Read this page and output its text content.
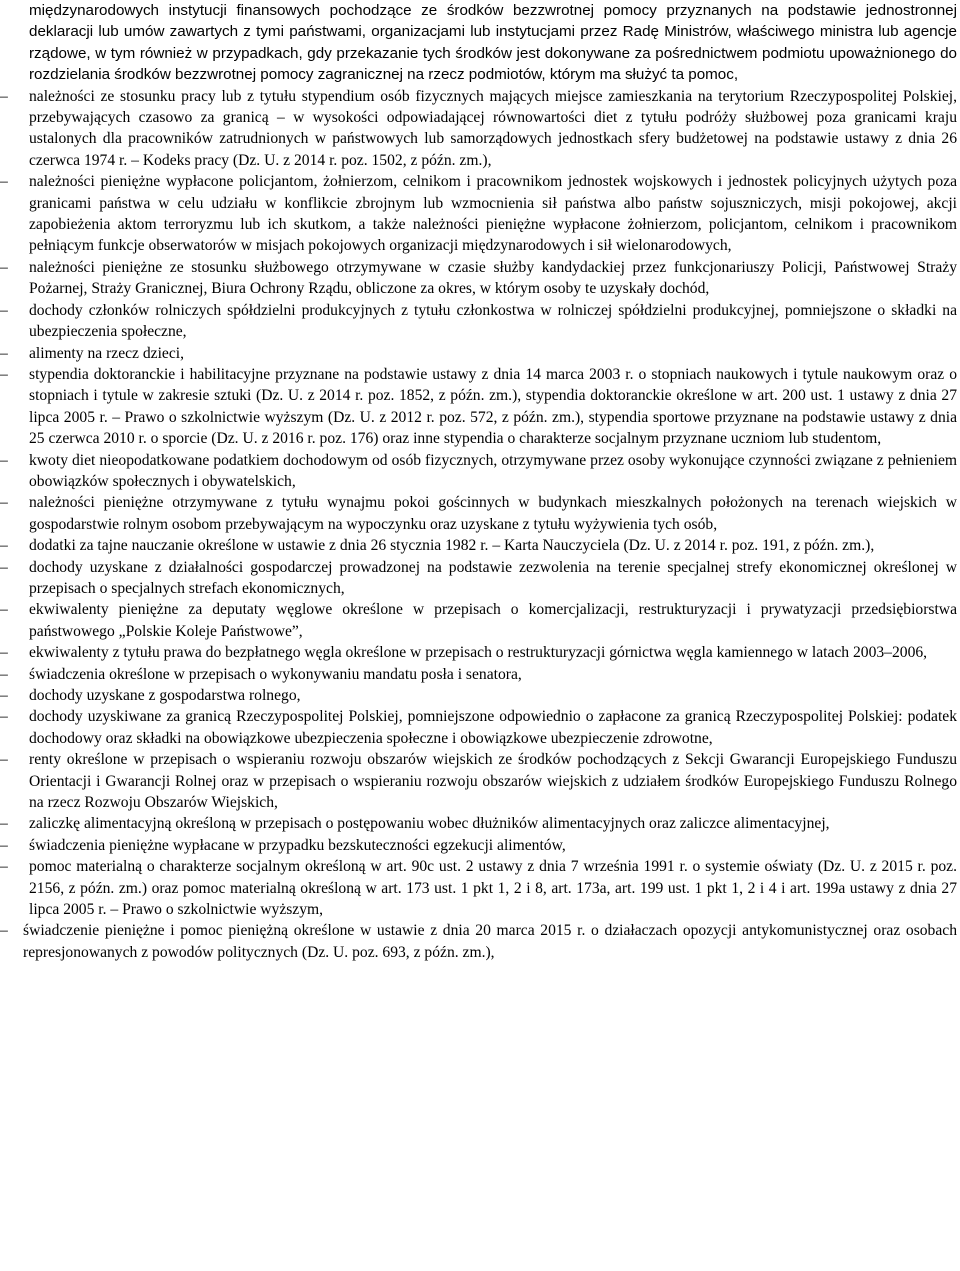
międzynarodowych instytucji finansowych pochodzące ze środków bezzwrotnej pomocy przyznanych na podstawie jednostronnej deklaracji lub umów zawartych z tymi państwami, organizacjami lub instytucjami przez Radę Ministrów, właściwego ministra lub agencje rządowe, w tym również w przypadkach, gdy przekazanie tych środków jest dokonywane za pośrednictwem podmiotu upoważnionego do rozdzielania środków bezzwrotnej pomocy zagranicznej na rzecz podmiotów, którym ma służyć ta pomoc,

–	należności ze stosunku pracy lub z tytułu stypendium osób fizycznych mających miejsce zamieszkania na terytorium Rzeczypospolitej Polskiej, przebywających czasowo za granicą – w wysokości odpowiadającej równowartości diet z tytułu podróży służbowej poza granicami kraju ustalonych dla pracowników zatrudnionych w państwowych lub samorządowych jednostkach sfery budżetowej na podstawie ustawy z dnia 26 czerwca 1974 r. – Kodeks pracy (Dz. U. z 2014 r. poz. 1502, z późn. zm.),
–	należności pieniężne wypłacone policjantom, żołnierzom, celnikom i pracownikom jednostek wojskowych i jednostek policyjnych użytych poza granicami państwa w celu udziału w konflikcie zbrojnym lub wzmocnienia sił państwa albo państw sojuszniczych, misji pokojowej, akcji zapobieżenia aktom terroryzmu lub ich skutkom, a także należności pieniężne wypłacone żołnierzom, policjantom, celnikom i pracownikom pełniącym funkcje obserwatorów w misjach pokojowych organizacji międzynarodowych i sił wielonarodowych,
–	należności pieniężne ze stosunku służbowego otrzymywane w czasie służby kandydackiej przez funkcjonariuszy Policji, Państwowej Straży Pożarnej, Straży Granicznej, Biura Ochrony Rządu, obliczone za okres, w którym osoby te uzyskały dochód,
–	dochody członków rolniczych spółdzielni produkcyjnych z tytułu członkostwa w rolniczej spółdzielni produkcyjnej, pomniejszone o składki na ubezpieczenia społeczne,
–	alimenty na rzecz dzieci,
–	stypendia doktoranckie i habilitacyjne przyznane na podstawie ustawy z dnia 14 marca 2003 r. o stopniach naukowych i tytule naukowym oraz o stopniach i tytule w zakresie sztuki (Dz. U. z 2014 r. poz. 1852, z późn. zm.), stypendia doktoranckie określone w art. 200 ust. 1 ustawy z dnia 27 lipca 2005 r. – Prawo o szkolnictwie wyższym (Dz. U. z 2012 r. poz. 572, z późn. zm.), stypendia sportowe przyznane na podstawie ustawy z dnia 25 czerwca 2010 r. o sporcie (Dz. U. z 2016 r. poz. 176) oraz inne stypendia o charakterze socjalnym przyznane uczniom lub studentom,
–	kwoty diet nieopodatkowane podatkiem dochodowym od osób fizycznych, otrzymywane przez osoby wykonujące czynności związane z pełnieniem obowiązków społecznych i obywatelskich,
–	należności pieniężne otrzymywane z tytułu wynajmu pokoi gościnnych w budynkach mieszkalnych położonych na terenach wiejskich w gospodarstwie rolnym osobom przebywającym na wypoczynku oraz uzyskane z tytułu wyżywienia tych osób,
–	dodatki za tajne nauczanie określone w ustawie z dnia 26 stycznia 1982 r. – Karta Nauczyciela (Dz. U. z 2014 r. poz. 191, z późn. zm.),
–	dochody uzyskane z działalności gospodarczej prowadzonej na podstawie zezwolenia na terenie specjalnej strefy ekonomicznej określonej w przepisach o specjalnych strefach ekonomicznych,
–	ekwiwalenty pieniężne za deputaty węglowe określone w przepisach o komercjalizacji, restrukturyzacji i prywatyzacji przedsiębiorstwa państwowego „Polskie Koleje Państwowe”,
–	ekwiwalenty z tytułu prawa do bezpłatnego węgla określone w przepisach o restrukturyzacji górnictwa węgla kamiennego w latach 2003–2006,
–	świadczenia określone w przepisach o wykonywaniu mandatu posła i senatora,
–	dochody uzyskane z gospodarstwa rolnego,
–	dochody uzyskiwane za granicą Rzeczypospolitej Polskiej, pomniejszone odpowiednio o zapłacone za granicą Rzeczypospolitej Polskiej: podatek dochodowy oraz składki na obowiązkowe ubezpieczenia społeczne i obowiązkowe ubezpieczenie zdrowotne,
–	renty określone w przepisach o wspieraniu rozwoju obszarów wiejskich ze środków pochodzących z Sekcji Gwarancji Europejskiego Funduszu Orientacji i Gwarancji Rolnej oraz w przepisach o wspieraniu rozwoju obszarów wiejskich z udziałem środków Europejskiego Funduszu Rolnego na rzecz Rozwoju Obszarów Wiejskich,
–	zaliczkę alimentacyjną określoną w przepisach o postępowaniu wobec dłużników alimentacyjnych oraz zaliczce alimentacyjnej,
–	świadczenia pieniężne wypłacane w przypadku bezskuteczności egzekucji alimentów,
–	pomoc materialną o charakterze socjalnym określoną w art. 90c ust. 2 ustawy z dnia 7 września 1991 r. o systemie oświaty (Dz. U. z 2015 r. poz. 2156, z późn. zm.) oraz pomoc materialną określoną w art. 173 ust. 1 pkt 1, 2 i 8, art. 173a, art. 199 ust. 1 pkt 1, 2 i 4 i art. 199a ustawy z dnia 27 lipca 2005 r. – Prawo o szkolnictwie wyższym,
– świadczenie pieniężne i pomoc pieniężną określone w ustawie z dnia 20 marca 2015 r. o działaczach opozycji antykomunistycznej oraz osobach represjonowanych z powodów politycznych (Dz. U. poz. 693, z późn. zm.),
